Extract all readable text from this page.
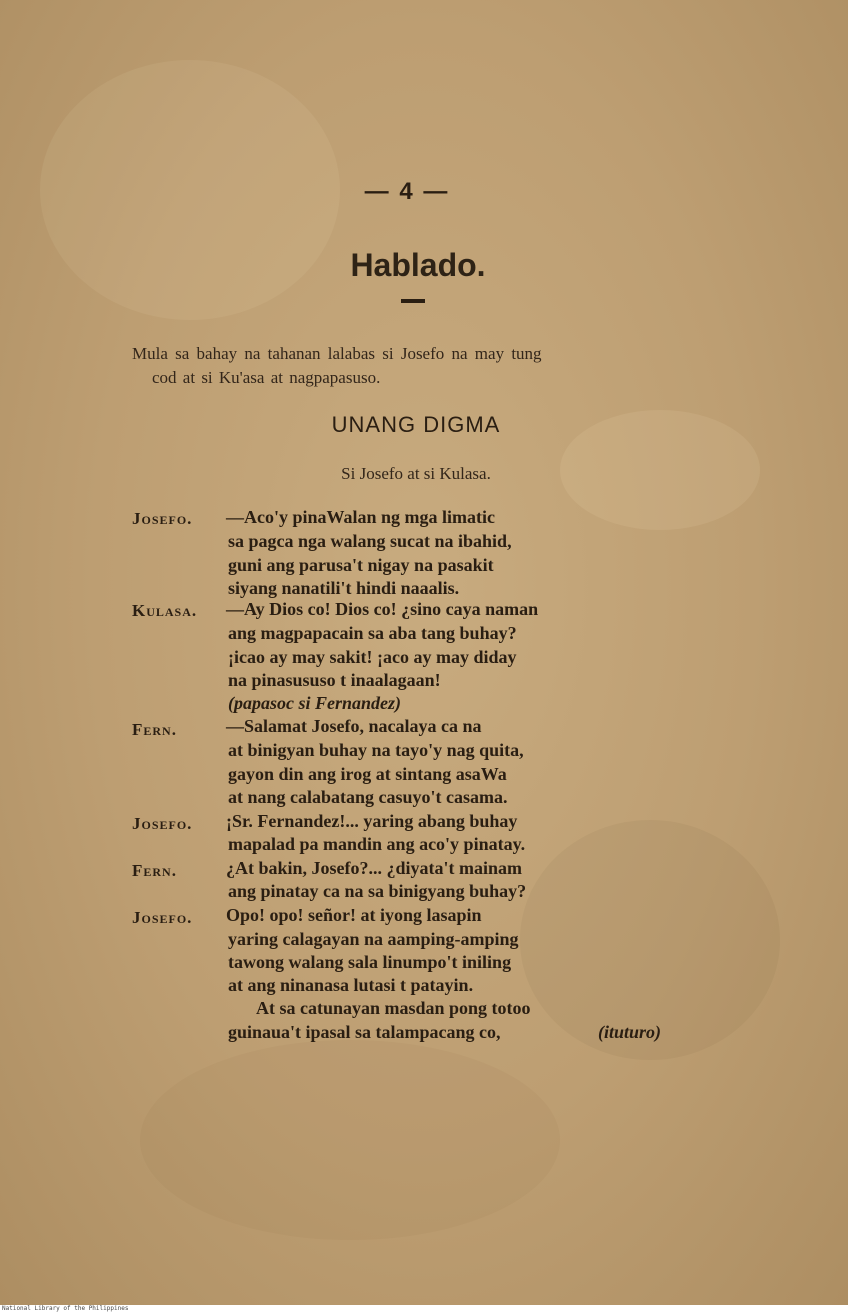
— 4 —
Hablado.
Mula sa bahay na tahanan lalabas si Josefo na may tung
cod at si Ku'asa at nagpapasuso.
UNANG DIGMA
Si Josefo at si Kulasa.
Josefo. —Aco'y pinaWalan ng mga limatic
sa pagca nga walang sucat na ibahid,
guni ang parusa't nigay na pasakit
siyang nanatili't hindi naaalis.
Kulasa. —Ay Dios co! Dios co! ¿sino caya naman
ang magpapacain sa aba tang buhay?
¡icao ay may sakit! ¡aco ay may diday
na pinasususo t inaalagaan!
(papasoc si Fernandez)
Fern.	—Salamat Josefo, nacalaya ca na
at binigyan buhay na tayo'y nag quita,
gayon din ang irog at sintang asaWa
at nang calabatang casuyo't casama.
Josefo. ¡Sr. Fernandez!... yaring abang buhay
mapalad pa mandin ang aco'y pinatay.
Fern.	¿At bakin, Josefo?... ¿diyata't mainam
ang pinatay ca na sa binigyang buhay?
Josefo. Opo! opo! señor! at iyong lasapin
yaring calagayan na aamping-amping
tawong walang sala linumpo't iniling
at ang ninanasa lutasi t patayin.
At sa catunayan masdan pong totoo
guinaua't ipasal sa talampacang co,	(ituturo)
National Library of the Philippines
